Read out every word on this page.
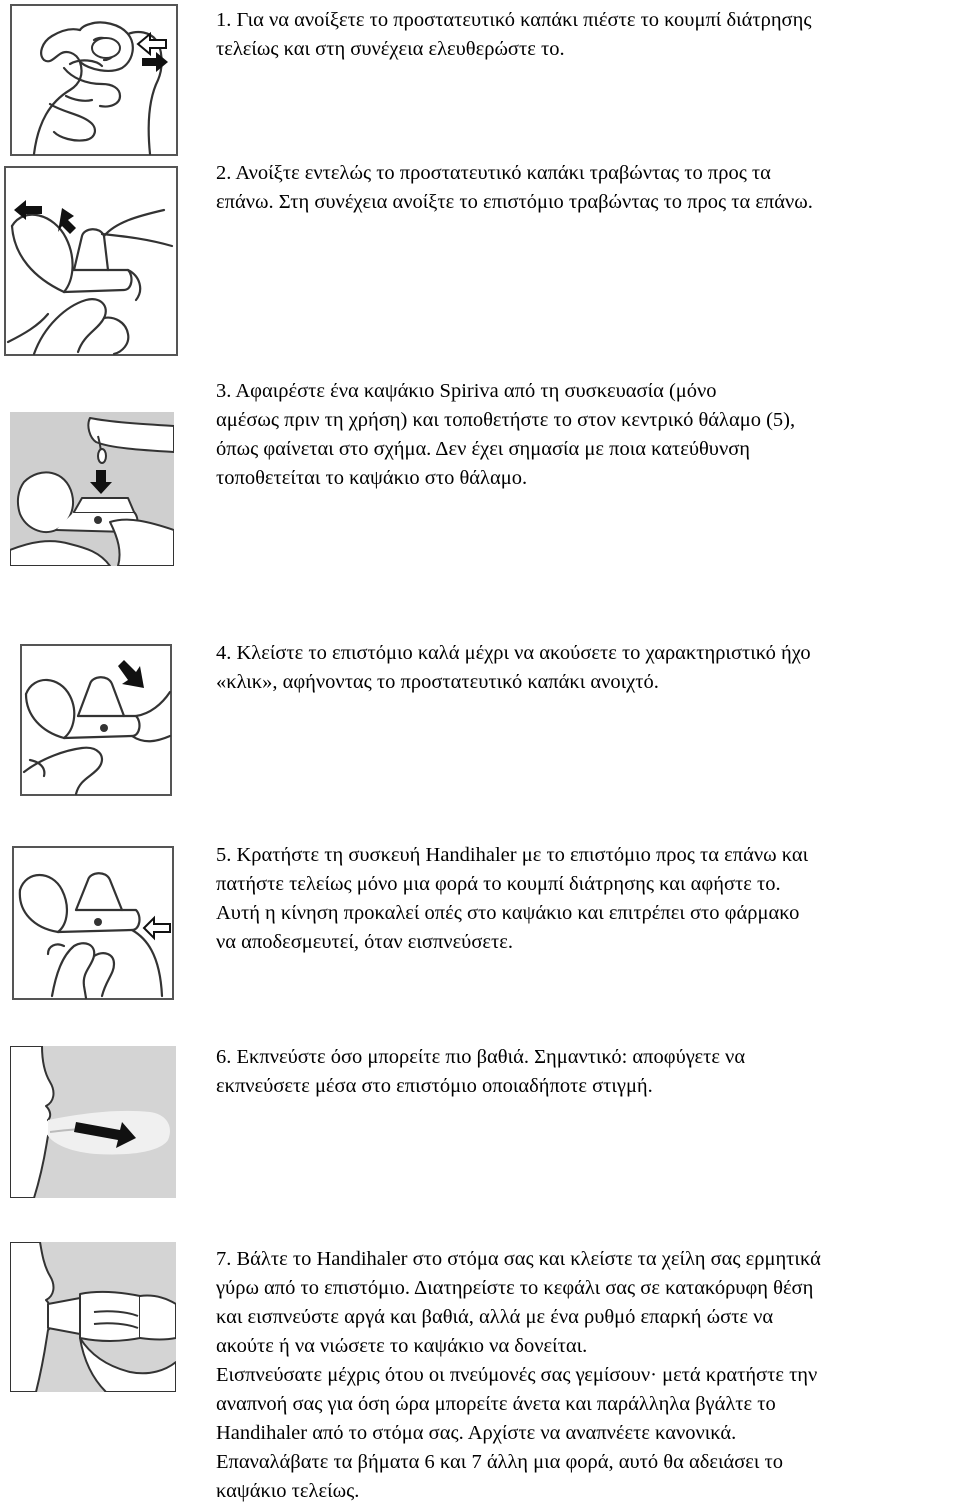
1. Για να ανοίξετε το προστατευτικό καπάκι πιέστε το κουμπί διάτρησης

τελείως και στη συνέχεια ελευθερώστε το.

2. Ανοίξτε εντελώς το προστατευτικό καπάκι τραβώντας το προς τα

επάνω. Στη συνέχεια ανοίξτε το επιστόμιο τραβώντας το προς τα επάνω.

3. Αφαιρέστε ένα καψάκιο Spiriva από τη συσκευασία (μόνο

αμέσως πριν τη χρήση) και τοποθετήστε το στον κεντρικό θάλαμο (5),

όπως φαίνεται στο σχήμα. Δεν έχει σημασία με ποια κατεύθυνση

τοποθετείται το καψάκιο στο θάλαμο.

4. Κλείστε το επιστόμιο καλά μέχρι να ακούσετε το χαρακτηριστικό ήχο

«κλικ», αφήνοντας το προστατευτικό καπάκι ανοιχτό.

5. Κρατήστε τη συσκευή Handihaler με το επιστόμιο προς τα επάνω και

πατήστε τελείως μόνο μια φορά το κουμπί διάτρησης και αφήστε το.

Αυτή η κίνηση προκαλεί οπές στο καψάκιο και επιτρέπει στο φάρμακο

να αποδεσμευτεί, όταν εισπνεύσετε.

6. Εκπνεύστε όσο μπορείτε πιο βαθιά. Σημαντικό: αποφύγετε να

εκπνεύσετε μέσα στο επιστόμιο οποιαδήποτε στιγμή.

7. Βάλτε το Handihaler στο στόμα σας και κλείστε τα χείλη σας ερμητικά

γύρω από το επιστόμιο. Διατηρείστε το κεφάλι σας σε κατακόρυφη θέση

και εισπνεύστε αργά και βαθιά, αλλά με ένα ρυθμό επαρκή ώστε να

ακούτε ή να νιώσετε το καψάκιο να δονείται.

Εισπνεύσατε μέχρις ότου οι πνεύμονές σας γεμίσουν· μετά κρατήστε την

αναπνοή σας για όση ώρα μπορείτε άνετα και παράλληλα βγάλτε το

Handihaler από το στόμα σας. Αρχίστε να αναπνέετε κανονικά.

Επαναλάβατε τα βήματα 6 και 7 άλλη μια φορά, αυτό θα αδειάσει το

καψάκιο τελείως.
